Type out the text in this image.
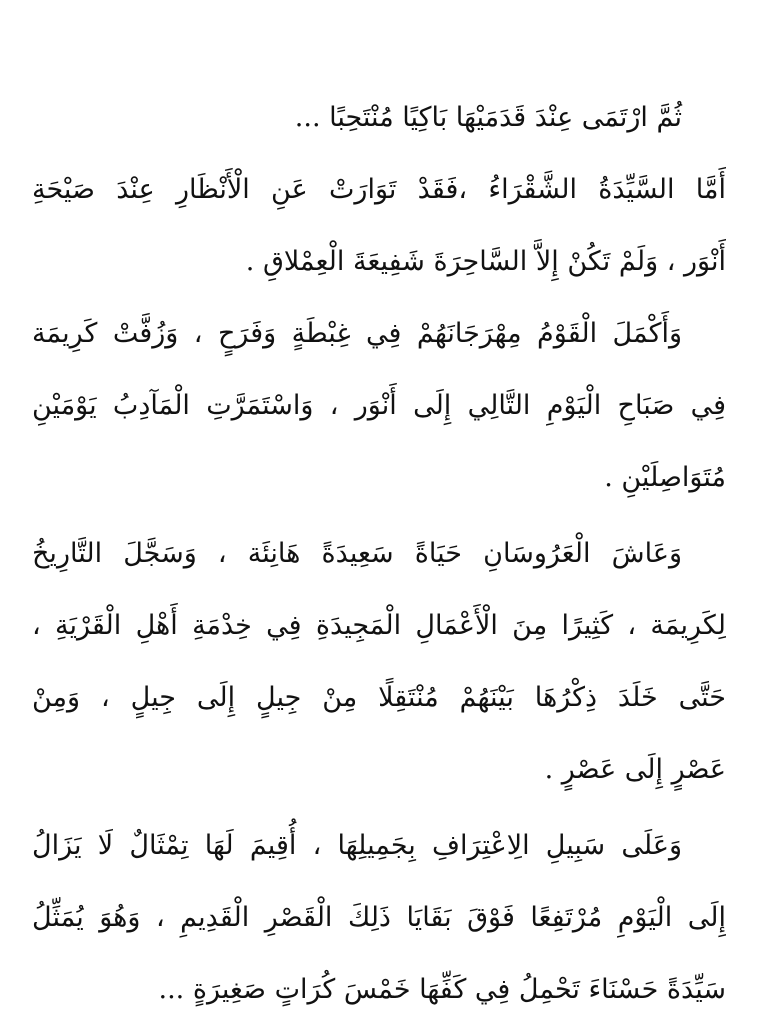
ثُمَّ ارْتَمَى عِنْدَ قَدَمَيْهَا بَاكِيًا مُنْتَحِبًا ...
أَمَّا السَّيِّدَةُ الشَّقْرَاءُ ،فَقَدْ تَوَارَتْ عَنِ الْأَنْظَارِ عِنْدَ صَيْحَةِ
أَنْوَر ، وَلَمْ تَكُنْ إِلاَّ السَّاحِرَةَ شَفِيعَةَ الْعِمْلاقِ .
وَأَكْمَلَ الْقَوْمُ مِهْرَجَانَهُمْ فِي غِبْطَةٍ وَفَرَحٍ ، وَزُفَّتْ كَرِيمَة
فِي صَبَاحِ الْيَوْمِ التَّالِي إِلَى أَنْوَر ، وَاسْتَمَرَّتِ الْمَآدِبُ يَوْمَيْنِ
مُتَوَاصِلَيْنِ .
وَعَاشَ الْعَرُوسَانِ حَيَاةً سَعِيدَةً هَانِئَة ، وَسَجَّلَ التَّارِيخُ
لِكَرِيمَة ، كَثِيرًا مِنَ الْأَعْمَالِ الْمَجِيدَةِ فِي خِدْمَةِ أَهْلِ الْقَرْيَةِ ،
حَتَّى خَلَدَ ذِكْرُهَا بَيْنَهُمْ مُنْتَقِلًا مِنْ جِيلٍ إِلَى جِيلٍ ، وَمِنْ
عَصْرٍ إِلَى عَصْرٍ .
وَعَلَى سَبِيلِ الِاعْتِرَافِ بِجَمِيلِهَا ، أُقِيمَ لَهَا تِمْثَالٌ لَا يَزَالُ
إِلَى الْيَوْمِ مُرْتَفِعًا فَوْقَ بَقَايَا ذَلِكَ الْقَصْرِ الْقَدِيمِ ، وَهُوَ يُمَثِّلُ
سَيِّدَةً حَسْنَاءَ تَحْمِلُ فِي كَفِّهَا خَمْسَ كُرَاتٍ صَغِيرَةٍ ...
